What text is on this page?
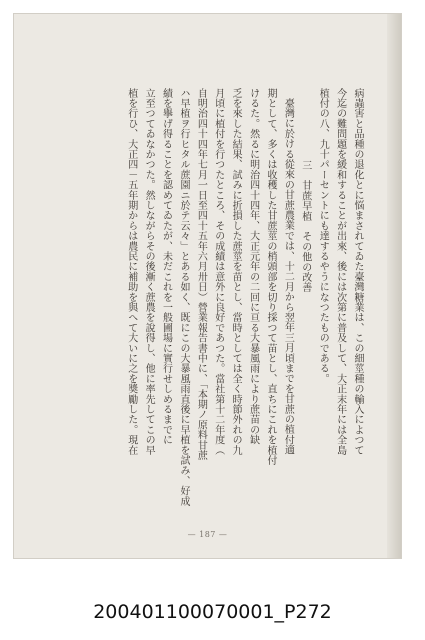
病蟲害と品種の退化とに悩まされてゐた臺灣糖業は、この細莖種の輸入によつて

今迄の難問題を緩和することが出來、後には次第に普及して、大正末年には全島

植付の八、九十パーセントにも達するやうになつたものである。

三　甘蔗早植　その他の改善

臺灣に於ける從來の甘蔗農業では、十二月から翌年三月頃までを甘蔗の植付適

期として、多くは收穫した甘蔗莖の梢頭部を切り採つて苗とし、直ちにこれを植付

けるた。然るに明治四十四年、大正元年の二回に亘る大暴風雨により蔗苗の缺

乏を來した結果、試みに折損した蔗莖を苗とし、當時としては全く時節外れの九

月頃に植付を行つたところ、その成績は意外に良好であつた。當社第十二年度（

自明治四十四年七月一日至四十五年六月卅日）營業報告書中に、「本期ノ原料甘蔗

ハ早植ヲ行ヒタル蔗園ニ於テ云々」とある如く、既にこの大暴風雨直後に早植を試み、好成

績を擧げ得ることを認めてゐたが、未だこれを一般圃場に實行せしめるまでに

立至つてゐなかつた。然しながらその後漸く蔗農を說得し、他に率先してこの早

植を行ひ、大正四－五年期からは農民に補助を與へて大いに之を奬勵した。現在

— 187 —
200401100070001_P272
